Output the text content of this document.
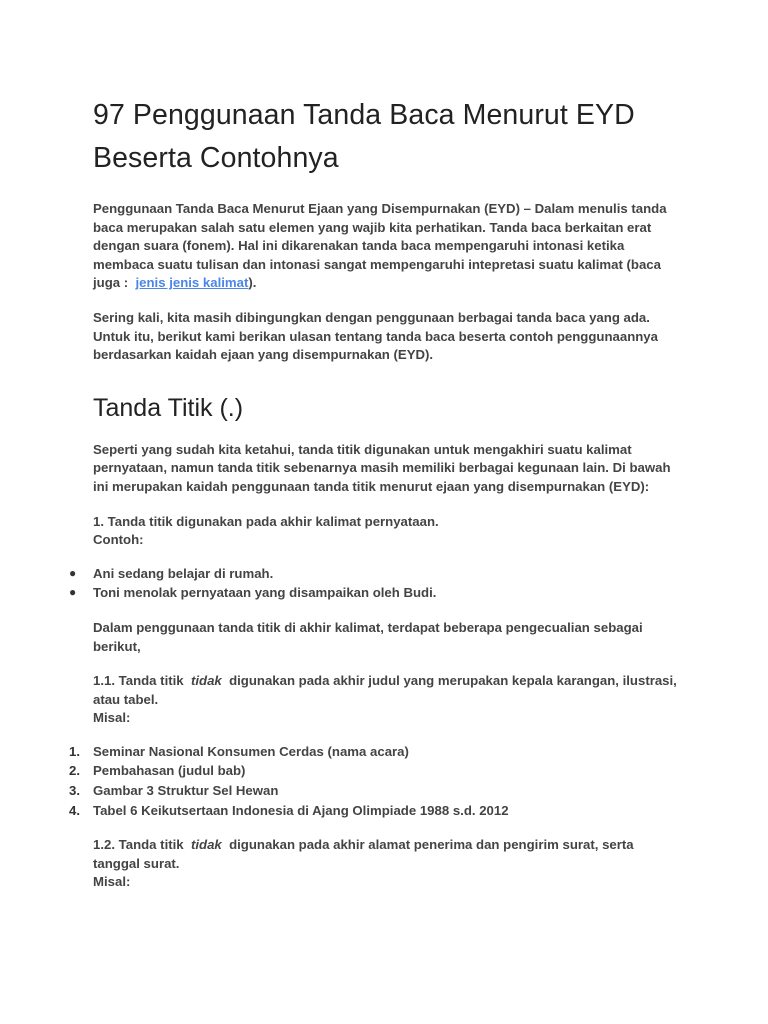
97 Penggunaan Tanda Baca Menurut EYD Beserta Contohnya

Penggunaan Tanda Baca Menurut Ejaan yang Disempurnakan (EYD) – Dalam menulis tanda baca merupakan salah satu elemen yang wajib kita perhatikan. Tanda baca berkaitan erat dengan suara (fonem). Hal ini dikarenakan tanda baca mempengaruhi intonasi ketika membaca suatu tulisan dan intonasi sangat mempengaruhi intepretasi suatu kalimat (baca juga : jenis jenis kalimat).

Sering kali, kita masih dibingungkan dengan penggunaan berbagai tanda baca yang ada. Untuk itu, berikut kami berikan ulasan tentang tanda baca beserta contoh penggunaannya berdasarkan kaidah ejaan yang disempurnakan (EYD).

Tanda Titik (.)

Seperti yang sudah kita ketahui, tanda titik digunakan untuk mengakhiri suatu kalimat pernyataan, namun tanda titik sebenarnya masih memiliki berbagai kegunaan lain. Di bawah ini merupakan kaidah penggunaan tanda titik menurut ejaan yang disempurnakan (EYD):

1. Tanda titik digunakan pada akhir kalimat pernyataan.
Contoh:

●	Ani sedang belajar di rumah.
●	Toni menolak pernyataan yang disampaikan oleh Budi.

Dalam penggunaan tanda titik di akhir kalimat, terdapat beberapa pengecualian sebagai berikut,

1.1. Tanda titik tidak digunakan pada akhir judul yang merupakan kepala karangan, ilustrasi, atau tabel.
Misal:

1. Seminar Nasional Konsumen Cerdas (nama acara)
2. Pembahasan (judul bab)
3. Gambar 3 Struktur Sel Hewan
4. Tabel 6 Keikutsertaan Indonesia di Ajang Olimpiade 1988 s.d. 2012

1.2. Tanda titik tidak digunakan pada akhir alamat penerima dan pengirim surat, serta tanggal surat.
Misal:
